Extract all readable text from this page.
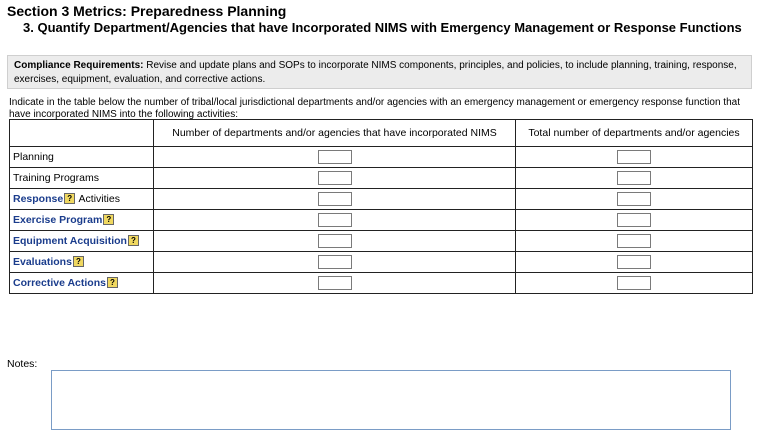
Section 3 Metrics: Preparedness Planning
3. Quantify Department/Agencies that have Incorporated NIMS with Emergency Management or Response Functions
Compliance Requirements: Revise and update plans and SOPs to incorporate NIMS components, principles, and policies, to include planning, training, response, exercises, equipment, evaluation, and corrective actions.
Indicate in the table below the number of tribal/local jurisdictional departments and/or agencies with an emergency management or emergency response function that have incorporated NIMS into the following activities:
	Number of departments and/or agencies that have incorporated NIMS	Total number of departments and/or agencies
Planning		
Training Programs		
Response ? Activities		
Exercise Program ?		
Equipment Acquisition ?		
Evaluations ?		
Corrective Actions ?		
Notes:
